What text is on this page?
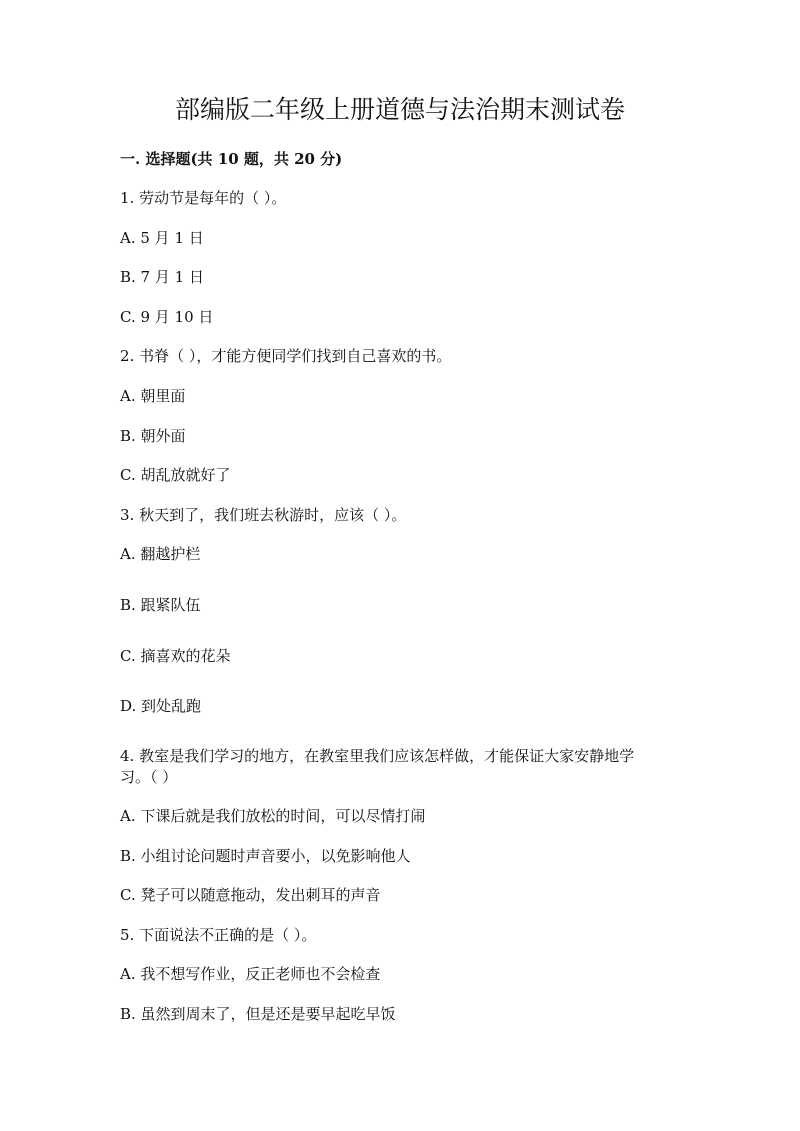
部编版二年级上册道德与法治期末测试卷
一. 选择题(共 10 题，共 20 分)
1. 劳动节是每年的（ ）。
A. 5 月 1 日
B. 7 月 1 日
C. 9 月 10 日
2. 书脊（ ），才能方便同学们找到自己喜欢的书。
A. 朝里面
B. 朝外面
C. 胡乱放就好了
3. 秋天到了，我们班去秋游时，应该（ ）。
A. 翻越护栏
B. 跟紧队伍
C. 摘喜欢的花朵
D. 到处乱跑
4. 教室是我们学习的地方，在教室里我们应该怎样做，才能保证大家安静地学
习。（ ）
A. 下课后就是我们放松的时间，可以尽情打闹
B. 小组讨论问题时声音要小，以免影响他人
C. 凳子可以随意拖动，发出刺耳的声音
5. 下面说法不正确的是（ ）。
A. 我不想写作业，反正老师也不会检查
B. 虽然到周末了，但是还是要早起吃早饭
